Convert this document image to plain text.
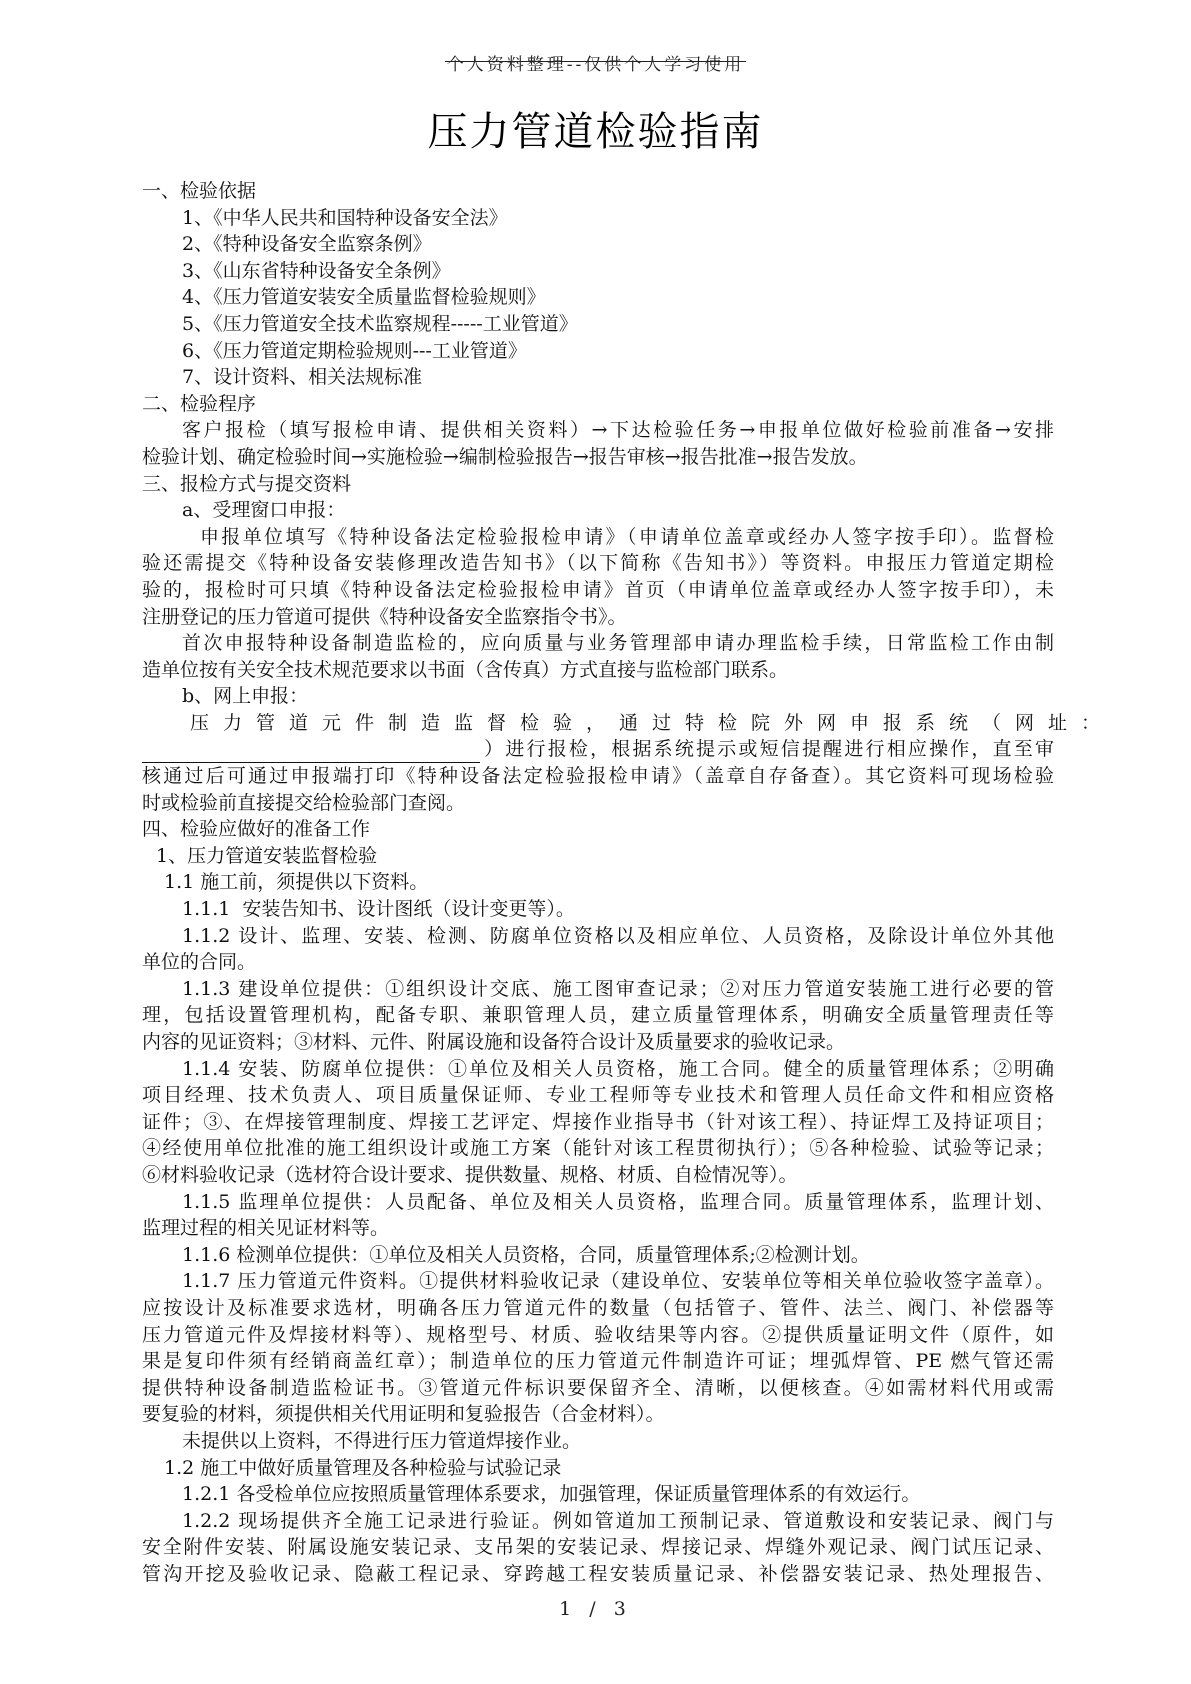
个人资料整理--仅供个人学习使用
压力管道检验指南
一、检验依据
1、《中华人民共和国特种设备安全法》
2、《特种设备安全监察条例》
3、《山东省特种设备安全条例》
4、《压力管道安装安全质量监督检验规则》
5、《压力管道安全技术监察规程-----工业管道》
6、《压力管道定期检验规则---工业管道》
7、设计资料、相关法规标准
二、检验程序
客户报检（填写报检申请、提供相关资料）→下达检验任务→申报单位做好检验前准备→安排
检验计划、确定检验时间→实施检验→编制检验报告→报告审核→报告批准→报告发放。
三、报检方式与提交资料
a、受理窗口申报：
申报单位填写《特种设备法定检验报检申请》（申请单位盖章或经办人签字按手印）。监督检
验还需提交《特种设备安装修理改造告知书》（以下简称《告知书》）等资料。申报压力管道定期检
验的，报检时可只填《特种设备法定检验报检申请》首页（申请单位盖章或经办人签字按手印），未
注册登记的压力管道可提供《特种设备安全监察指令书》。
首次申报特种设备制造监检的，应向质量与业务管理部申请办理监检手续，日常监检工作由制
造单位按有关安全技术规范要求以书面（含传真）方式直接与监检部门联系。
b、网上申报：
压力管道元件制造监督检验，通过特检院外网申报系统（网址：
）进行报检，根据系统提示或短信提醒进行相应操作，直至审
核通过后可通过申报端打印《特种设备法定检验报检申请》（盖章自存备查）。其它资料可现场检验
时或检验前直接提交给检验部门查阅。
四、检验应做好的准备工作
1、压力管道安装监督检验
1.1 施工前，须提供以下资料。
1.1.1  安装告知书、设计图纸（设计变更等）。
1.1.2 设计、监理、安装、检测、防腐单位资格以及相应单位、人员资格，及除设计单位外其他
单位的合同。
1.1.3 建设单位提供：①组织设计交底、施工图审查记录；②对压力管道安装施工进行必要的管
理，包括设置管理机构，配备专职、兼职管理人员，建立质量管理体系，明确安全质量管理责任等
内容的见证资料；③材料、元件、附属设施和设备符合设计及质量要求的验收记录。
1.1.4 安装、防腐单位提供：①单位及相关人员资格，施工合同。健全的质量管理体系；②明确
项目经理、技术负责人、项目质量保证师、专业工程师等专业技术和管理人员任命文件和相应资格
证件；③、在焊接管理制度、焊接工艺评定、焊接作业指导书（针对该工程）、持证焊工及持证项目；
④经使用单位批准的施工组织设计或施工方案（能针对该工程贯彻执行）；⑤各种检验、试验等记录；
⑥材料验收记录（选材符合设计要求、提供数量、规格、材质、自检情况等）。
1.1.5 监理单位提供：人员配备、单位及相关人员资格，监理合同。质量管理体系，监理计划、
监理过程的相关见证材料等。
1.1.6 检测单位提供：①单位及相关人员资格，合同，质量管理体系;②检测计划。
1.1.7 压力管道元件资料。①提供材料验收记录（建设单位、安装单位等相关单位验收签字盖章）。
应按设计及标准要求选材，明确各压力管道元件的数量（包括管子、管件、法兰、阀门、补偿器等
压力管道元件及焊接材料等）、规格型号、材质、验收结果等内容。②提供质量证明文件（原件，如
果是复印件须有经销商盖红章）；制造单位的压力管道元件制造许可证；埋弧焊管、PE 燃气管还需
提供特种设备制造监检证书。③管道元件标识要保留齐全、清晰，以便核查。④如需材料代用或需
要复验的材料，须提供相关代用证明和复验报告（合金材料）。
未提供以上资料，不得进行压力管道焊接作业。
1.2 施工中做好质量管理及各种检验与试验记录
1.2.1 各受检单位应按照质量管理体系要求，加强管理，保证质量管理体系的有效运行。
1.2.2 现场提供齐全施工记录进行验证。例如管道加工预制记录、管道敷设和安装记录、阀门与
安全附件安装、附属设施安装记录、支吊架的安装记录、焊接记录、焊缝外观记录、阀门试压记录、
管沟开挖及验收记录、隐蔽工程记录、穿跨越工程安装质量记录、补偿器安装记录、热处理报告、
1 / 3
